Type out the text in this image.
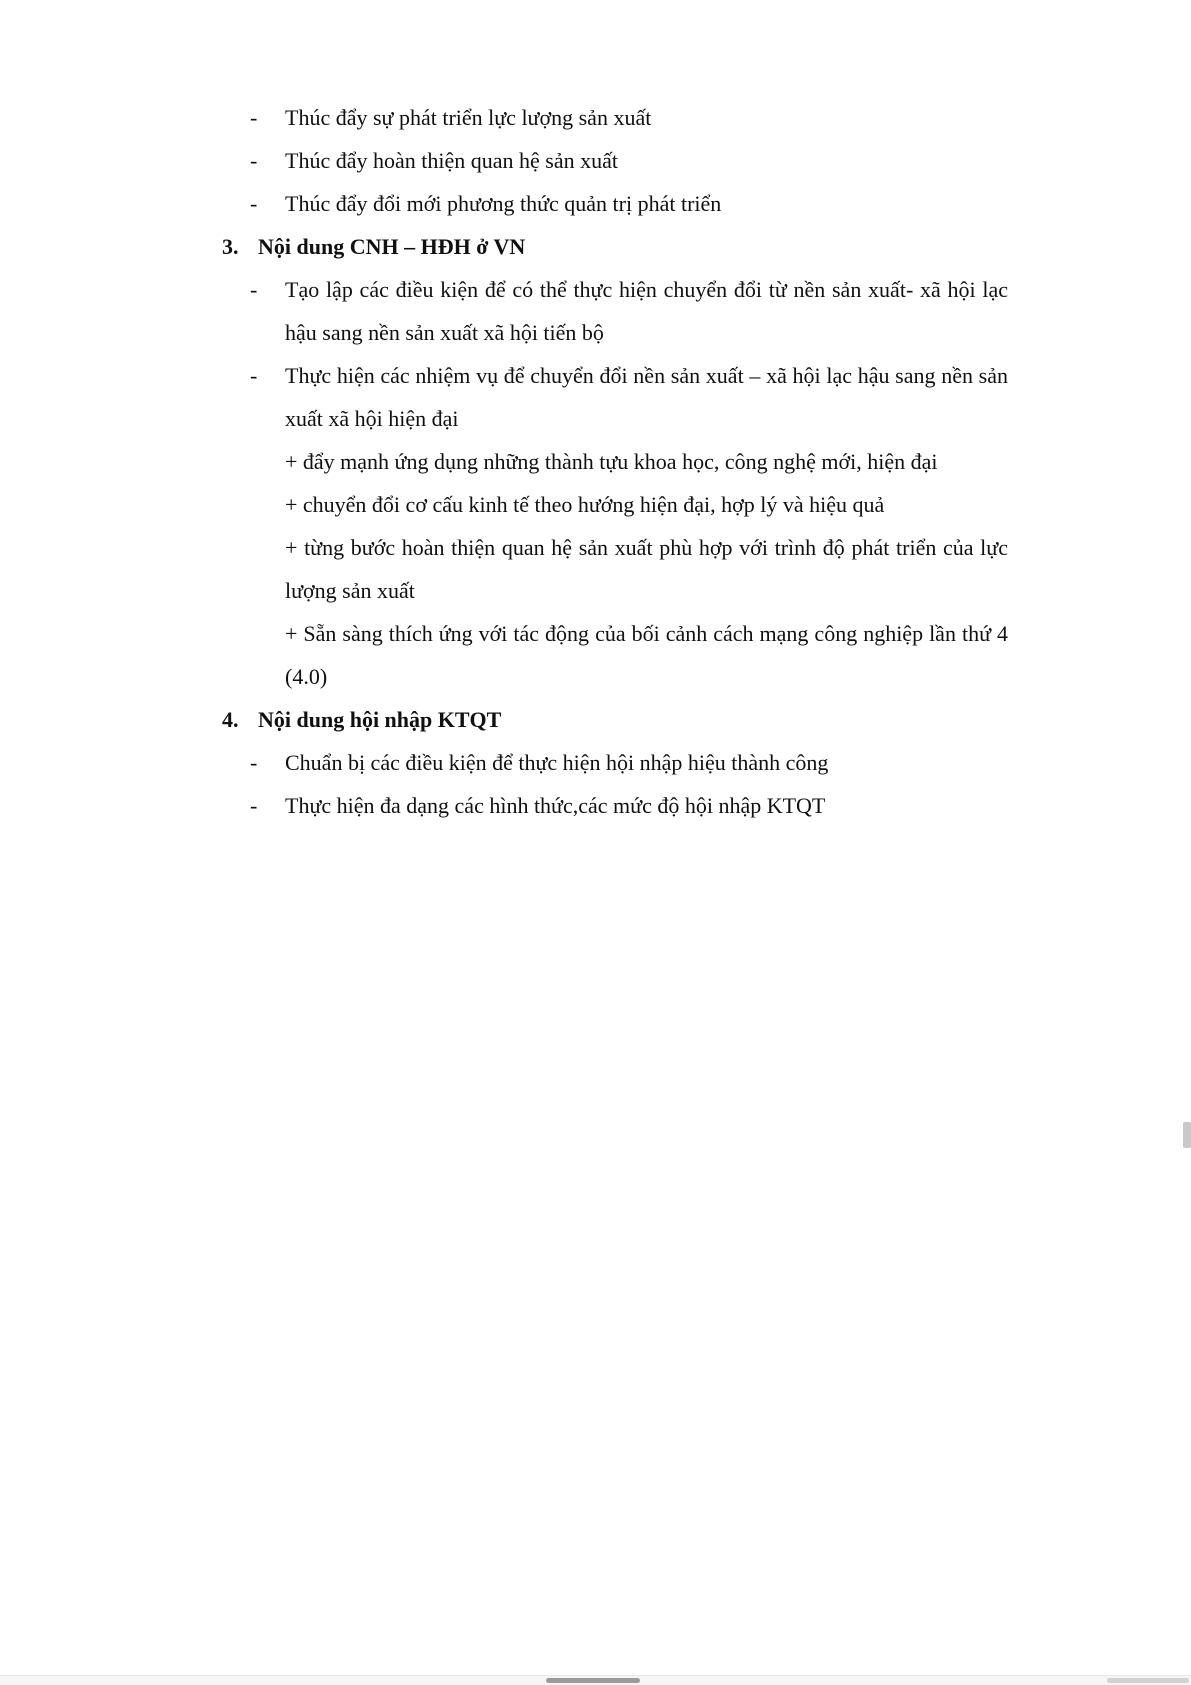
-	Thúc đẩy sự phát triển lực lượng sản xuất
-	Thúc đẩy hoàn thiện quan hệ sản xuất
-	Thúc đẩy đổi mới phương thức quản trị phát triển
3. Nội dung CNH – HĐH ở VN
-	Tạo lập các điều kiện để có thể thực hiện chuyển đổi từ nền sản xuất- xã hội lạc hậu sang nền sản xuất xã hội tiến bộ
-	Thực hiện các nhiệm vụ để chuyển đổi nền sản xuất – xã hội lạc hậu sang nền sản xuất xã hội hiện đại
+ đẩy mạnh ứng dụng những thành tựu khoa học, công nghệ mới, hiện đại
+ chuyển đổi cơ cấu kinh tế theo hướng hiện đại, hợp lý và hiệu quả
+ từng bước hoàn thiện quan hệ sản xuất phù hợp với trình độ phát triển của lực lượng sản xuất
+ Sẵn sàng thích ứng với tác động của bối cảnh cách mạng công nghiệp lần thứ 4 (4.0)
4. Nội dung hội nhập KTQT
-	Chuẩn bị các điều kiện để thực hiện hội nhập hiệu thành công
-	Thực hiện đa dạng các hình thức,các mức độ hội nhập KTQT
